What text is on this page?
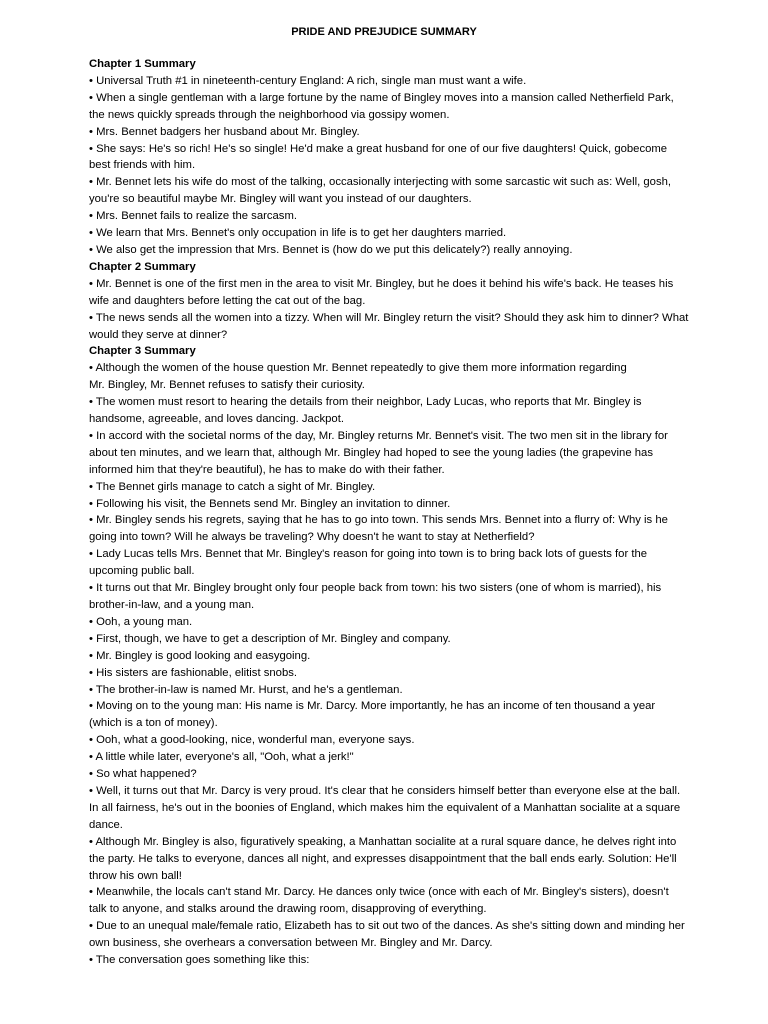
PRIDE AND PREJUDICE SUMMARY

Chapter 1 Summary

• Universal Truth #1 in nineteenth-century England: A rich, single man must want a wife.

• When a single gentleman with a large fortune by the name of Bingley moves into a mansion called Netherfield Park, the news quickly spreads through the neighborhood via gossipy women.

• Mrs. Bennet badgers her husband about Mr. Bingley.

• She says: He's so rich! He's so single! He'd make a great husband for one of our five daughters! Quick, gobecome best friends with him.

• Mr. Bennet lets his wife do most of the talking, occasionally interjecting with some sarcastic wit such as: Well, gosh, you're so beautiful maybe Mr. Bingley will want you instead of our daughters.

• Mrs. Bennet fails to realize the sarcasm.

• We learn that Mrs. Bennet's only occupation in life is to get her daughters married.

• We also get the impression that Mrs. Bennet is (how do we put this delicately?) really annoying.

Chapter 2 Summary

• Mr. Bennet is one of the first men in the area to visit Mr. Bingley, but he does it behind his wife's back. He teases his wife and daughters before letting the cat out of the bag.

• The news sends all the women into a tizzy. When will Mr. Bingley return the visit? Should they ask him to dinner? What would they serve at dinner?

Chapter 3 Summary

• Although the women of the house question Mr. Bennet repeatedly to give them more information regarding

Mr. Bingley, Mr. Bennet refuses to satisfy their curiosity.

• The women must resort to hearing the details from their neighbor, Lady Lucas, who reports that Mr. Bingley is handsome, agreeable, and loves dancing. Jackpot.

• In accord with the societal norms of the day, Mr. Bingley returns Mr. Bennet's visit. The two men sit in the library for about ten minutes, and we learn that, although Mr. Bingley had hoped to see the young ladies (the grapevine has informed him that they're beautiful), he has to make do with their father.

• The Bennet girls manage to catch a sight of Mr. Bingley.

• Following his visit, the Bennets send Mr. Bingley an invitation to dinner.

• Mr. Bingley sends his regrets, saying that he has to go into town. This sends Mrs. Bennet into a flurry of: Why is he going into town? Will he always be traveling? Why doesn't he want to stay at Netherfield?

• Lady Lucas tells Mrs. Bennet that Mr. Bingley's reason for going into town is to bring back lots of guests for the upcoming public ball.

• It turns out that Mr. Bingley brought only four people back from town: his two sisters (one of whom is married), his brother-in-law, and a young man.

• Ooh, a young man.

• First, though, we have to get a description of Mr. Bingley and company.

• Mr. Bingley is good looking and easygoing.

• His sisters are fashionable, elitist snobs.

• The brother-in-law is named Mr. Hurst, and he's a gentleman.

• Moving on to the young man: His name is Mr. Darcy. More importantly, he has an income of ten thousand a year (which is a ton of money).

• Ooh, what a good-looking, nice, wonderful man, everyone says.

• A little while later, everyone's all, "Ooh, what a jerk!"

• So what happened?

• Well, it turns out that Mr. Darcy is very proud. It's clear that he considers himself better than everyone else at the ball. In all fairness, he's out in the boonies of England, which makes him the equivalent of a Manhattan socialite at a square dance.

• Although Mr. Bingley is also, figuratively speaking, a Manhattan socialite at a rural square dance, he delves right into the party. He talks to everyone, dances all night, and expresses disappointment that the ball ends early. Solution: He'll throw his own ball!

• Meanwhile, the locals can't stand Mr. Darcy. He dances only twice (once with each of Mr. Bingley's sisters), doesn't talk to anyone, and stalks around the drawing room, disapproving of everything.

• Due to an unequal male/female ratio, Elizabeth has to sit out two of the dances. As she's sitting down and minding her own business, she overhears a conversation between Mr. Bingley and Mr. Darcy.

• The conversation goes something like this:
